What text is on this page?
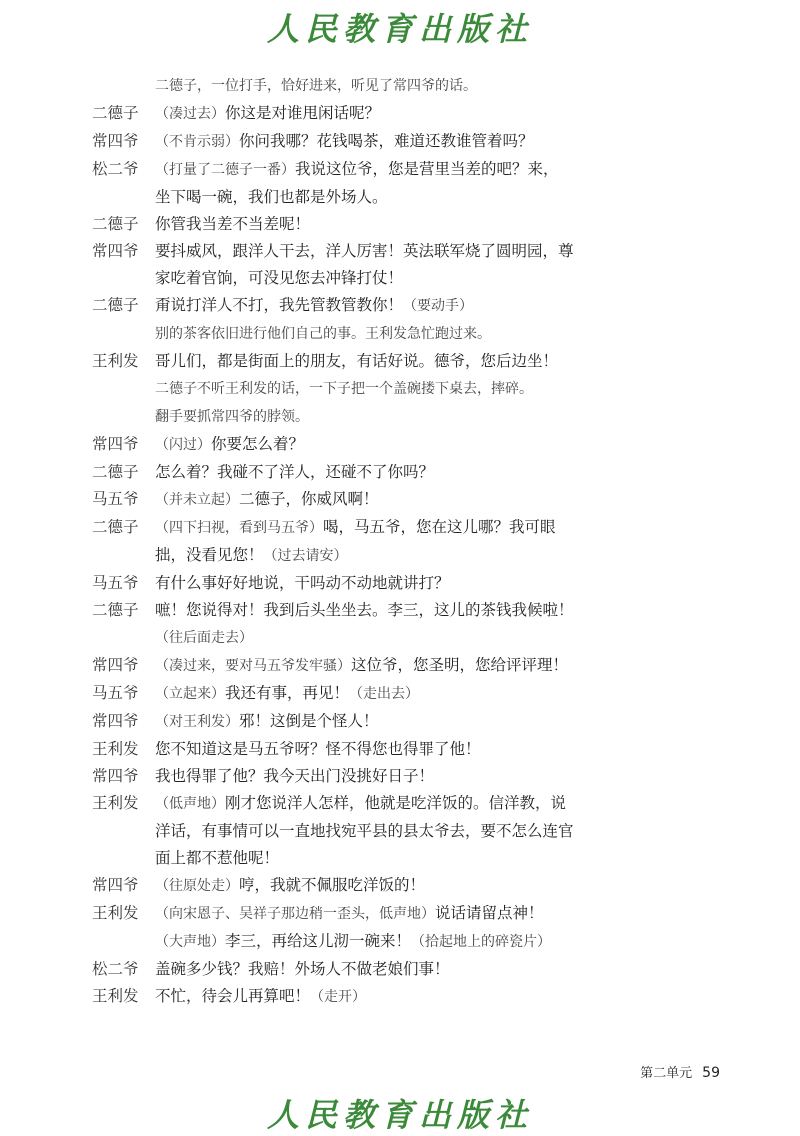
人民教育出版社
二德子，一位打手，恰好进来，听见了常四爷的话。
二德子	（凑过去）你这是对谁甩闲话呢？
常四爷	（不肯示弱）你问我哪？花钱喝茶，难道还教谁管着吗？
松二爷	（打量了二德子一番）我说这位爷，您是营里当差的吧？来，
坐下喝一碗，我们也都是外场人。
二德子	你管我当差不当差呢！
常四爷	要抖威风，跟洋人干去，洋人厉害！英法联军烧了圆明园，尊
家吃着官饷，可没见您去冲锋打仗！
二德子	甭说打洋人不打，我先管教管教你！（要动手）
别的茶客依旧进行他们自己的事。王利发急忙跑过来。
王利发	哥儿们，都是街面上的朋友，有话好说。德爷，您后边坐！
二德子不听王利发的话，一下子把一个盖碗搂下桌去，摔碎。
翻手要抓常四爷的脖领。
常四爷	（闪过）你要怎么着？
二德子	怎么着？我碰不了洋人，还碰不了你吗？
马五爷	（并未立起）二德子，你威风啊！
二德子	（四下扫视，看到马五爷）喝，马五爷，您在这儿哪？我可眼
拙，没看见您！（过去请安）
马五爷	有什么事好好地说，干吗动不动地就讲打？
二德子	嗻！您说得对！我到后头坐坐去。李三，这儿的茶钱我候啦！
（往后面走去）
常四爷	（凑过来，要对马五爷发牢骚）这位爷，您圣明，您给评评理！
马五爷	（立起来）我还有事，再见！（走出去）
常四爷	（对王利发）邪！这倒是个怪人！
王利发	您不知道这是马五爷呀？怪不得您也得罪了他！
常四爷	我也得罪了他？我今天出门没挑好日子！
王利发	（低声地）刚才您说洋人怎样，他就是吃洋饭的。信洋教，说
洋话，有事情可以一直地找宛平县的县太爷去，要不怎么连官
面上都不惹他呢！
常四爷	（往原处走）哼，我就不佩服吃洋饭的！
王利发	（向宋恩子、吴祥子那边稍一歪头，低声地）说话请留点神！
（大声地）李三，再给这儿沏一碗来！（拾起地上的碎瓷片）
松二爷	盖碗多少钱？我赔！外场人不做老娘们事！
王利发	不忙，待会儿再算吧！（走开）
第二单元 59
人民教育出版社
